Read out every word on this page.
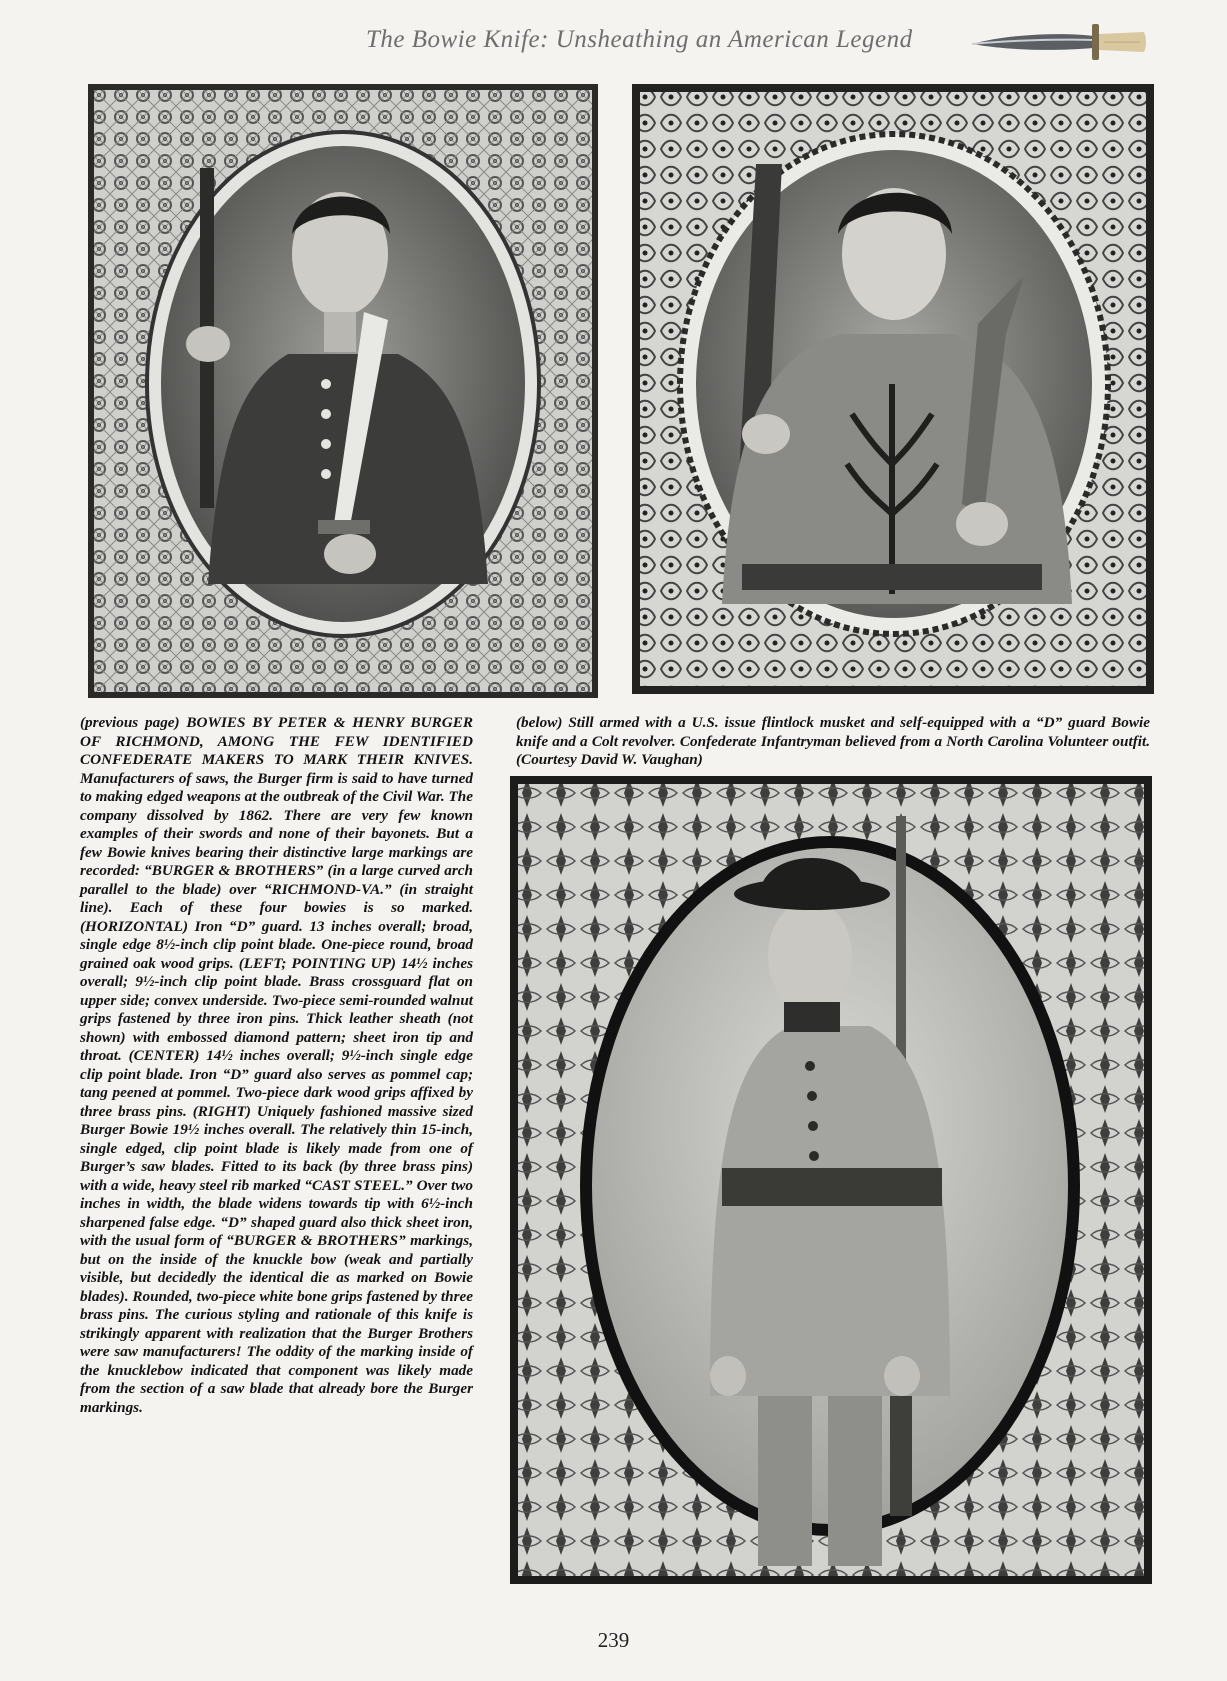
The Bowie Knife: Unsheathing an American Legend
(previous page) BOWIES BY PETER & HENRY BURGER OF RICHMOND, AMONG THE FEW IDENTIFIED CONFEDERATE MAKERS TO MARK THEIR KNIVES. Manufacturers of saws, the Burger firm is said to have turned to making edged weapons at the outbreak of the Civil War. The company dissolved by 1862. There are very few known examples of their swords and none of their bayonets. But a few Bowie knives bearing their distinctive large markings are recorded: “BURGER & BROTHERS” (in a large curved arch parallel to the blade) over “RICHMOND-VA.” (in straight line). Each of these four bowies is so marked. (HORIZONTAL) Iron “D” guard. 13 inches overall; broad, single edge 8½-inch clip point blade. One-piece round, broad grained oak wood grips. (LEFT; POINTING UP) 14½ inches overall; 9½-inch clip point blade. Brass crossguard flat on upper side; convex underside. Two-piece semi-rounded walnut grips fastened by three iron pins. Thick leather sheath (not shown) with embossed diamond pattern; sheet iron tip and throat. (CENTER) 14½ inches overall; 9½-inch single edge clip point blade. Iron “D” guard also serves as pommel cap; tang peened at pommel. Two-piece dark wood grips affixed by three brass pins. (RIGHT) Uniquely fashioned massive sized Burger Bowie 19½ inches overall. The relatively thin 15-inch, single edged, clip point blade is likely made from one of Burger’s saw blades. Fitted to its back (by three brass pins) with a wide, heavy steel rib marked “CAST STEEL.” Over two inches in width, the blade widens towards tip with 6½-inch sharpened false edge. “D” shaped guard also thick sheet iron, with the usual form of “BURGER & BROTHERS” markings, but on the inside of the knuckle bow (weak and partially visible, but decidedly the identical die as marked on Bowie blades). Rounded, two-piece white bone grips fastened by three brass pins. The curious styling and rationale of this knife is strikingly apparent with realization that the Burger Brothers were saw manufacturers! The oddity of the marking inside of the knucklebow indicated that component was likely made from the section of a saw blade that already bore the Burger markings.
(below) Still armed with a U.S. issue flintlock musket and self-equipped with a “D” guard Bowie knife and a Colt revolver. Confederate Infantryman believed from a North Carolina Volunteer outfit. (Courtesy David W. Vaughan)
239
